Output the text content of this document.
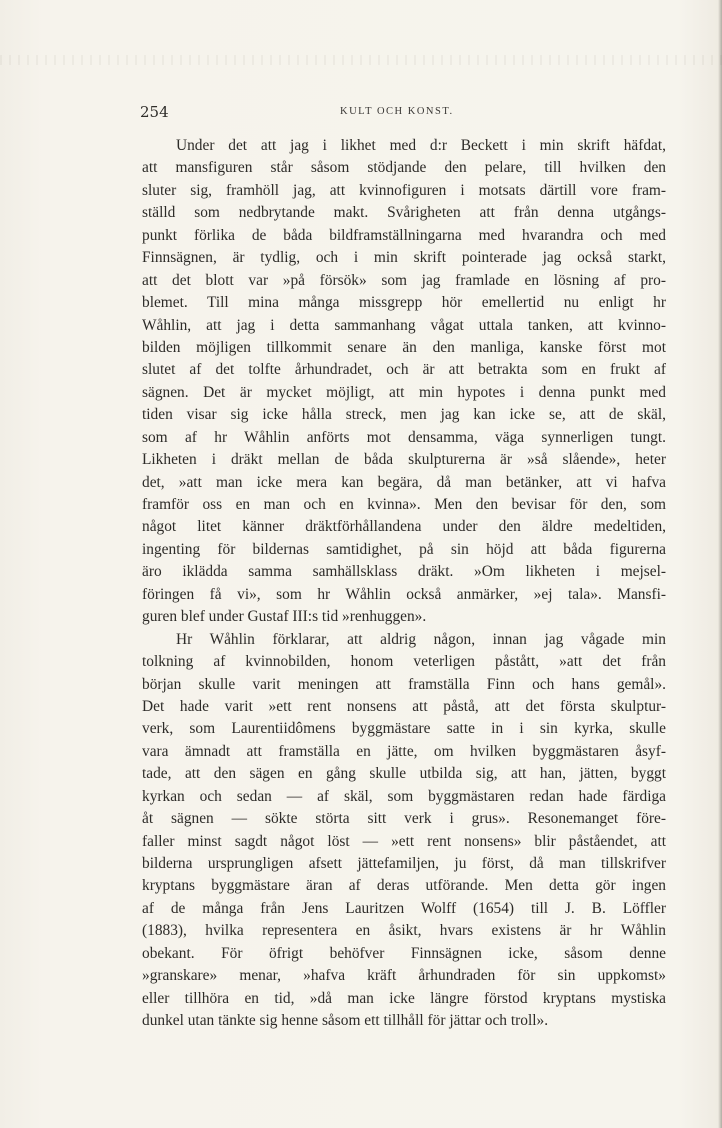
254	KULT OCH KONST.
Under det att jag i likhet med d:r Beckett i min skrift häfdat,
att mansfiguren står såsom stödjande den pelare, till hvilken den
sluter sig, framhöll jag, att kvinnofiguren i motsats därtill vore fram-
ställd som nedbrytande makt. Svårigheten att från denna utgångs-
punkt förlika de båda bildframställningarna med hvarandra och med
Finnsägnen, är tydlig, och i min skrift pointerade jag också starkt,
att det blott var »på försök» som jag framlade en lösning af pro-
blemet. Till mina många missgrepp hör emellertid nu enligt hr
Wåhlin, att jag i detta sammanhang vågat uttala tanken, att kvinno-
bilden möjligen tillkommit senare än den manliga, kanske först mot
slutet af det tolfte århundradet, och är att betrakta som en frukt af
sägnen. Det är mycket möjligt, att min hypotes i denna punkt med
tiden visar sig icke hålla streck, men jag kan icke se, att de skäl,
som af hr Wåhlin anförts mot densamma, väga synnerligen tungt.
Likheten i dräkt mellan de båda skulpturerna är »så slående», heter
det, »att man icke mera kan begära, då man betänker, att vi hafva
framför oss en man och en kvinna». Men den bevisar för den, som
något litet känner dräktförhållandena under den äldre medeltiden,
ingenting för bildernas samtidighet, på sin höjd att båda figurerna
äro iklädda samma samhällsklass dräkt. »Om likheten i mejsel-
föringen få vi», som hr Wåhlin också anmärker, »ej tala». Mansfi-
guren blef under Gustaf III:s tid »renhuggen».
Hr Wåhlin förklarar, att aldrig någon, innan jag vågade min
tolkning af kvinnobilden, honom veterligen påstått, »att det från
början skulle varit meningen att framställa Finn och hans gemål».
Det hade varit »ett rent nonsens att påstå, att det första skulptur-
verk, som Laurentiidômens byggmästare satte in i sin kyrka, skulle
vara ämnadt att framställa en jätte, om hvilken byggmästaren åsyf-
tade, att den sägen en gång skulle utbilda sig, att han, jätten, byggt
kyrkan och sedan — af skäl, som byggmästaren redan hade färdiga
åt sägnen — sökte störta sitt verk i grus». Resonemanget före-
faller minst sagdt något löst — »ett rent nonsens» blir påståendet, att
bilderna ursprungligen afsett jättefamiljen, ju först, då man tillskrifver
kryptans byggmästare äran af deras utförande. Men detta gör ingen
af de många från Jens Lauritzen Wolff (1654) till J. B. Löffler
(1883), hvilka representera en åsikt, hvars existens är hr Wåhlin
obekant. För öfrigt behöfver Finnsägnen icke, såsom denne
»granskare» menar, »hafva kräft århundraden för sin uppkomst»
eller tillhöra en tid, »då man icke längre förstod kryptans mystiska
dunkel utan tänkte sig henne såsom ett tillhåll för jättar och troll».
